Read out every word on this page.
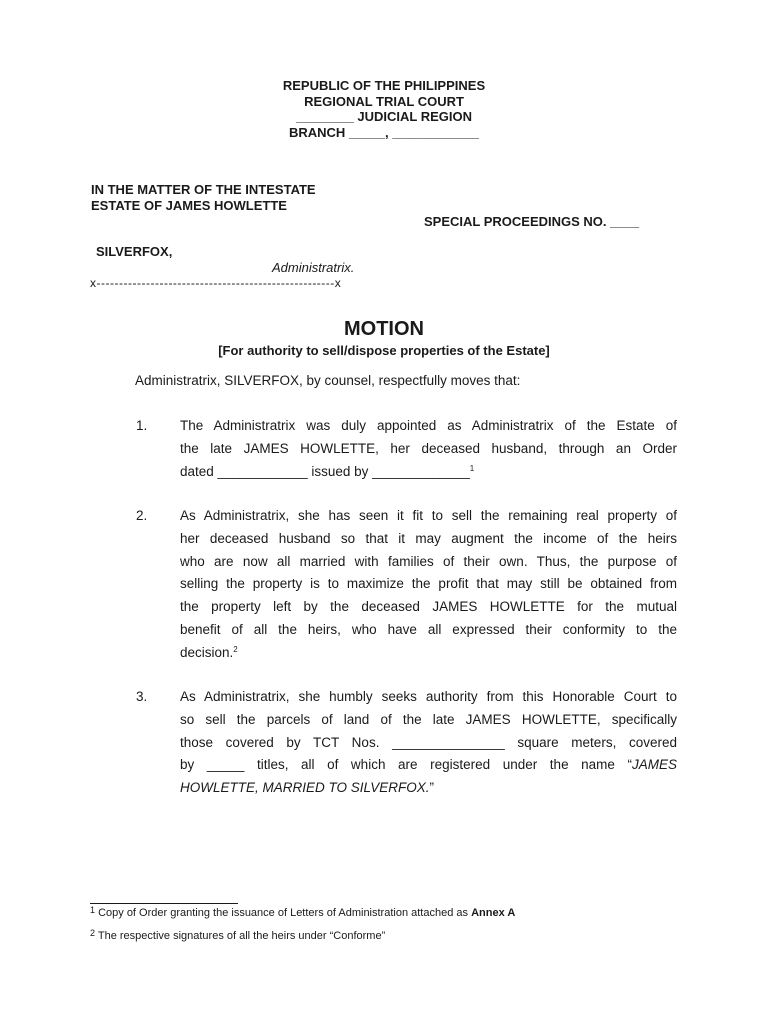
REPUBLIC OF THE PHILIPPINES
REGIONAL TRIAL COURT
________ JUDICIAL REGION
BRANCH _____, ____________
IN THE MATTER OF THE INTESTATE
ESTATE OF JAMES HOWLETTE
SPECIAL PROCEEDINGS NO. ____
SILVERFOX,
Administratrix.
x-----------------------------------------------------x
MOTION
[For authority to sell/dispose properties of the Estate]
Administratrix, SILVERFOX, by counsel, respectfully moves that:
1.	The Administratrix was duly appointed as Administratrix of the Estate of
the late JAMES HOWLETTE, her deceased husband, through an Order
dated ____________ issued by _____________$^1$
2.	As Administratrix, she has seen it fit to sell the remaining real property of
her deceased husband so that it may augment the income of the heirs
who are now all married with families of their own. Thus, the purpose of
selling the property is to maximize the profit that may still be obtained from
the property left by the deceased JAMES HOWLETTE for the mutual
benefit of all the heirs, who have all expressed their conformity to the
decision.$^2$
3.	As Administratrix, she humbly seeks authority from this Honorable Court to
so sell the parcels of land of the late JAMES HOWLETTE, specifically
those covered by TCT Nos. _______________ square meters, covered
by _____ titles, all of which are registered under the name “JAMES
HOWLETTE, MARRIED TO SILVERFOX.”
$^1$ Copy of Order granting the issuance of Letters of Administration attached as Annex A
$^2$ The respective signatures of all the heirs under “Conforme”
